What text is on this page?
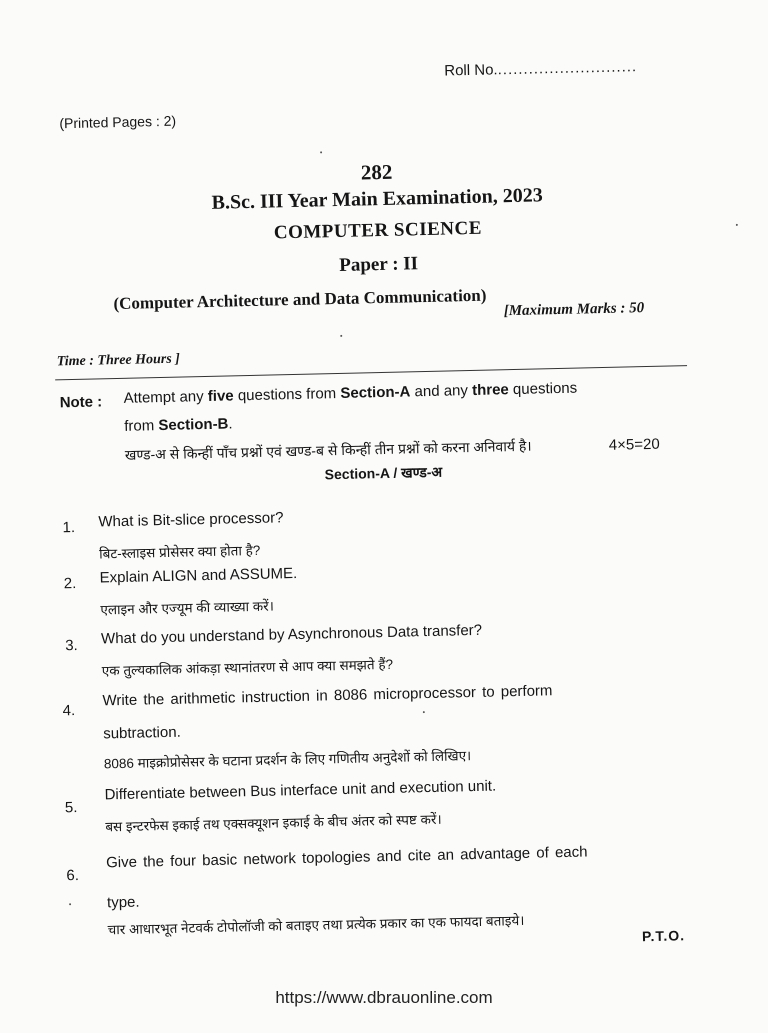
Roll No............................
(Printed Pages : 2)
282
B.Sc. III Year Main Examination, 2023
COMPUTER SCIENCE
Paper : II
(Computer Architecture and Data Communication) [Maximum Marks : 50
Time : Three Hours ]
Note : Attempt any five questions from Section-A and any three questions
from Section-B.
खण्ड-अ से किन्हीं पाँच प्रश्नों एवं खण्ड-ब से किन्हीं तीन प्रश्नों को करना अनिवार्य है।	4×5=20
Section-A / खण्ड-अ
1. What is Bit-slice processor?
बिट-स्लाइस प्रोसेसर क्या होता है?
2. Explain ALIGN and ASSUME.
एलाइन और एज्यूम की व्याख्या करें।
3. What do you understand by Asynchronous Data transfer?
एक तुल्यकालिक आंकड़ा स्थानांतरण से आप क्या समझते हैं?
4.
Write the arithmetic instruction in 8086 microprocessor to perform
subtraction.
8086 माइक्रोप्रोसेसर के घटाना प्रदर्शन के लिए गणितीय अनुदेशों को लिखिए।
5.
Differentiate between Bus interface unit and execution unit.
बस इन्टरफेस इकाई तथ एक्सक्यूशन इकाई के बीच अंतर को स्पष्ट करें।
6.
Give the four basic network topologies and cite an advantage of each
type.
चार आधारभूत नेटवर्क टोपोलॉजी को बताइए तथा प्रत्येक प्रकार का एक फायदा बताइये।	P.T.O.
https://www.dbrauonline.com
